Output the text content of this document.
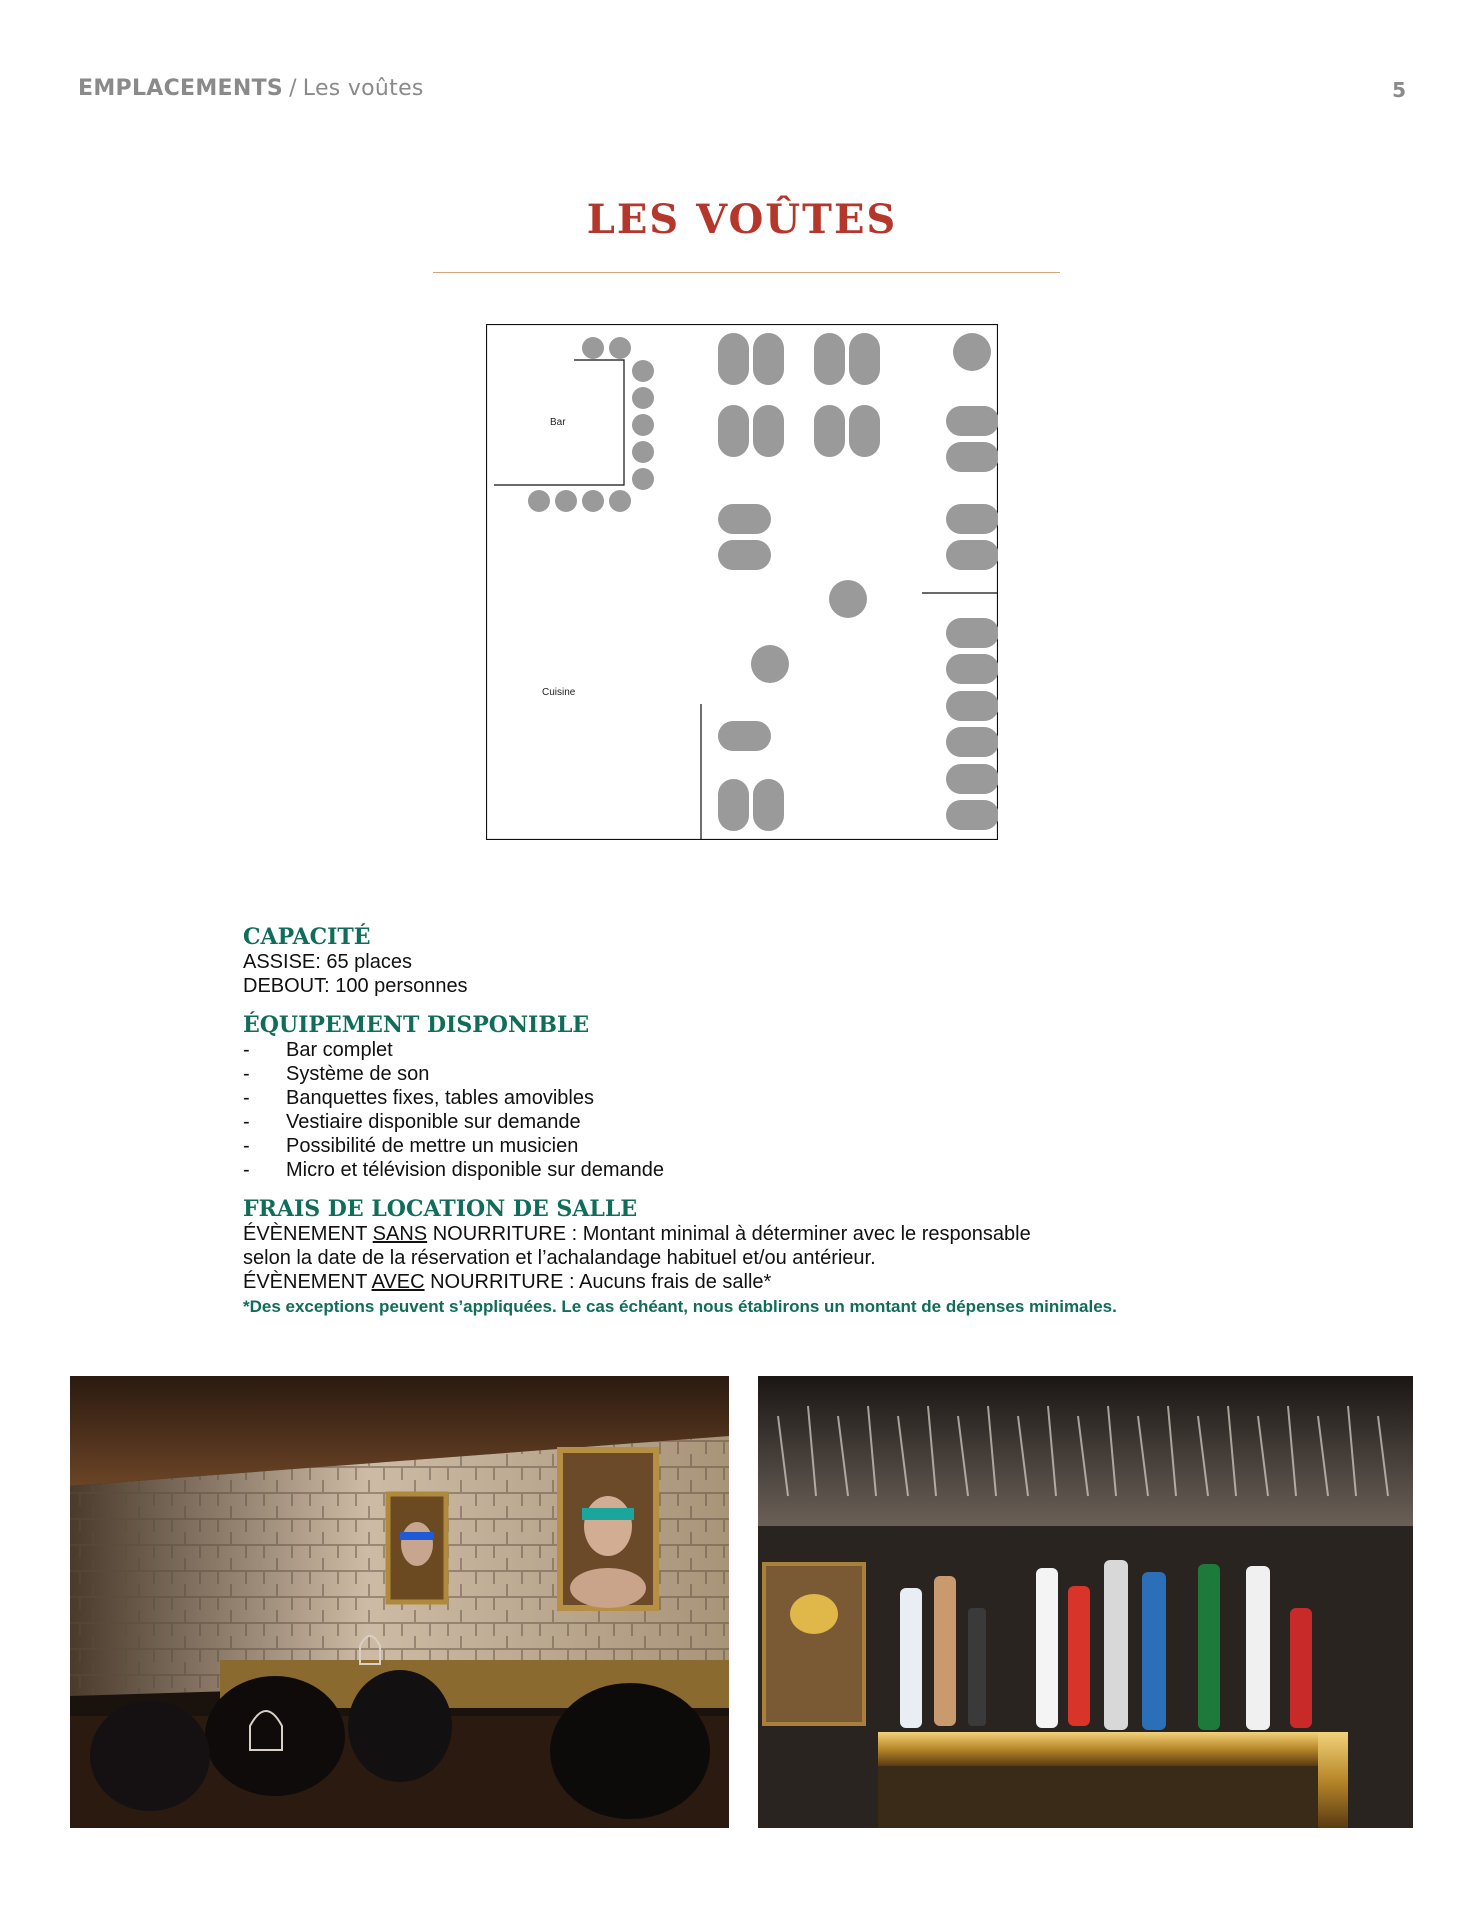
EMPLACEMENTS / Les voûtes	5
LES VOÛTES
Bar
Cuisine
CAPACITÉ

ASSISE: 65 places

DEBOUT: 100 personnes

ÉQUIPEMENT DISPONIBLE
-	Bar complet
-	Système de son
-	Banquettes fixes, tables amovibles
-	Vestiaire disponible sur demande
-	Possibilité de mettre un musicien
-	Micro et télévision disponible sur demande
FRAIS DE LOCATION DE SALLE

ÉVÈNEMENT SANS NOURRITURE : Montant minimal à déterminer avec le responsable

selon la date de la réservation et l’achalandage habituel et/ou antérieur.

ÉVÈNEMENT AVEC NOURRITURE : Aucuns frais de salle*

*Des exceptions peuvent s’appliquées. Le cas échéant, nous établirons un montant de dépenses minimales.
